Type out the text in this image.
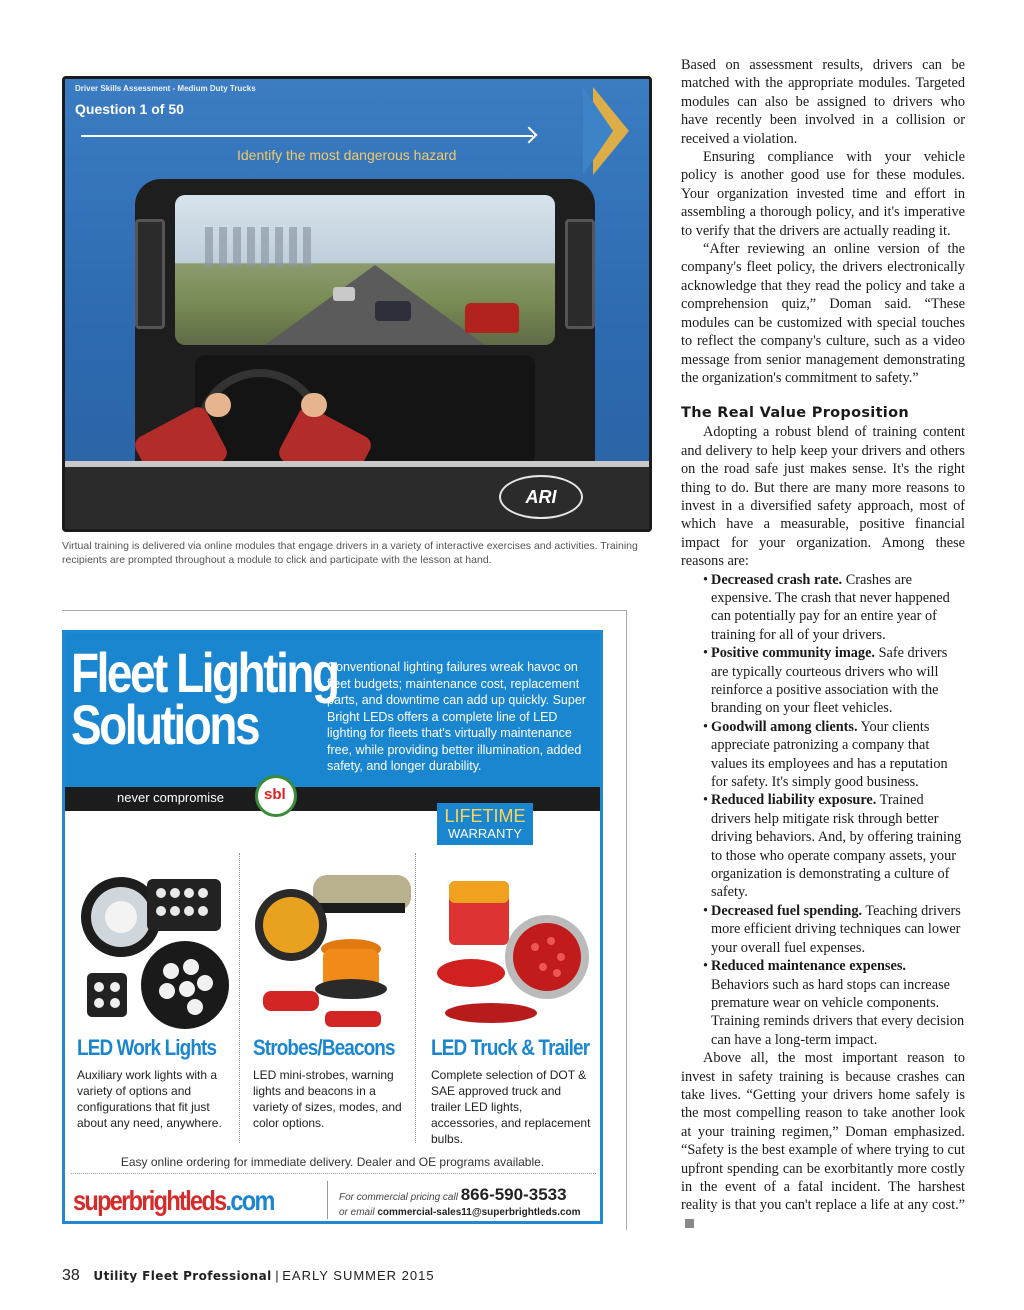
Driver Skills Assessment - Medium Duty Trucks
Question 1 of 50
Identify the most dangerous hazard
ARI
Virtual training is delivered via online modules that engage drivers in a variety of interactive exercises and activities. Training recipients are prompted throughout a module to click and participate with the lesson at hand.
Fleet Lighting
Solutions
Conventional lighting failures wreak havoc on fleet budgets; maintenance cost, replacement parts, and downtime can add up quickly. Super Bright LEDs offers a complete line of LED lighting for fleets that's virtually maintenance free, while providing better illumination, added safety, and longer durability.
never compromise
sbl
LIFETIME
WARRANTY
LED Work Lights

Auxiliary work lights with a variety of options and configurations that fit just about any need, anywhere.

Strobes/Beacons

LED mini-strobes, warning lights and beacons in a variety of sizes, modes, and color options.

LED Truck & Trailer

Complete selection of DOT & SAE approved truck and trailer LED lights, accessories, and replacement bulbs.

Easy online ordering for immediate delivery. Dealer and OE programs available.
superbrightleds.com	For commercial pricing call 866-590-3533
or email commercial-sales11@superbrightleds.com

Based on assessment results, drivers can be matched with the appropriate modules. Targeted modules can also be assigned to drivers who have recently been involved in a collision or received a violation.

Ensuring compliance with your vehicle policy is another good use for these modules. Your organization invested time and effort in assembling a thorough policy, and it's imperative to verify that the drivers are actually reading it.

“After reviewing an online version of the company's fleet policy, the drivers electronically acknowledge that they read the policy and take a comprehension quiz,” Doman said. “These modules can be customized with special touches to reflect the company's culture, such as a video message from senior management demonstrating the organization's commitment to safety.”

The Real Value Proposition

Adopting a robust blend of training content and delivery to help keep your drivers and others on the road safe just makes sense. It's the right thing to do. But there are many more reasons to invest in a diversified safety approach, most of which have a measurable, positive financial impact for your organization. Among these reasons are:

• Decreased crash rate. Crashes are expensive. The crash that never happened can potentially pay for an entire year of training for all of your drivers.
• Positive community image. Safe drivers are typically courteous drivers who will reinforce a positive association with the branding on your fleet vehicles.
• Goodwill among clients. Your clients appreciate patronizing a company that values its employees and has a reputation for safety. It's simply good business.
• Reduced liability exposure. Trained drivers help mitigate risk through better driving behaviors. And, by offering training to those who operate company assets, your organization is demonstrating a culture of safety.
• Decreased fuel spending. Teaching drivers more efficient driving techniques can lower your overall fuel expenses.
• Reduced maintenance expenses. Behaviors such as hard stops can increase premature wear on vehicle components. Training reminds drivers that every decision can have a long-term impact.

Above all, the most important reason to invest in safety training is because crashes can take lives. “Getting your drivers home safely is the most compelling reason to take another look at your training regimen,” Doman emphasized. “Safety is the best example of where trying to cut upfront spending can be exorbitantly more costly in the event of a fatal incident. The harshest reality is that you can't replace a life at any cost.”

38 Utility Fleet Professional | EARLY SUMMER 2015
